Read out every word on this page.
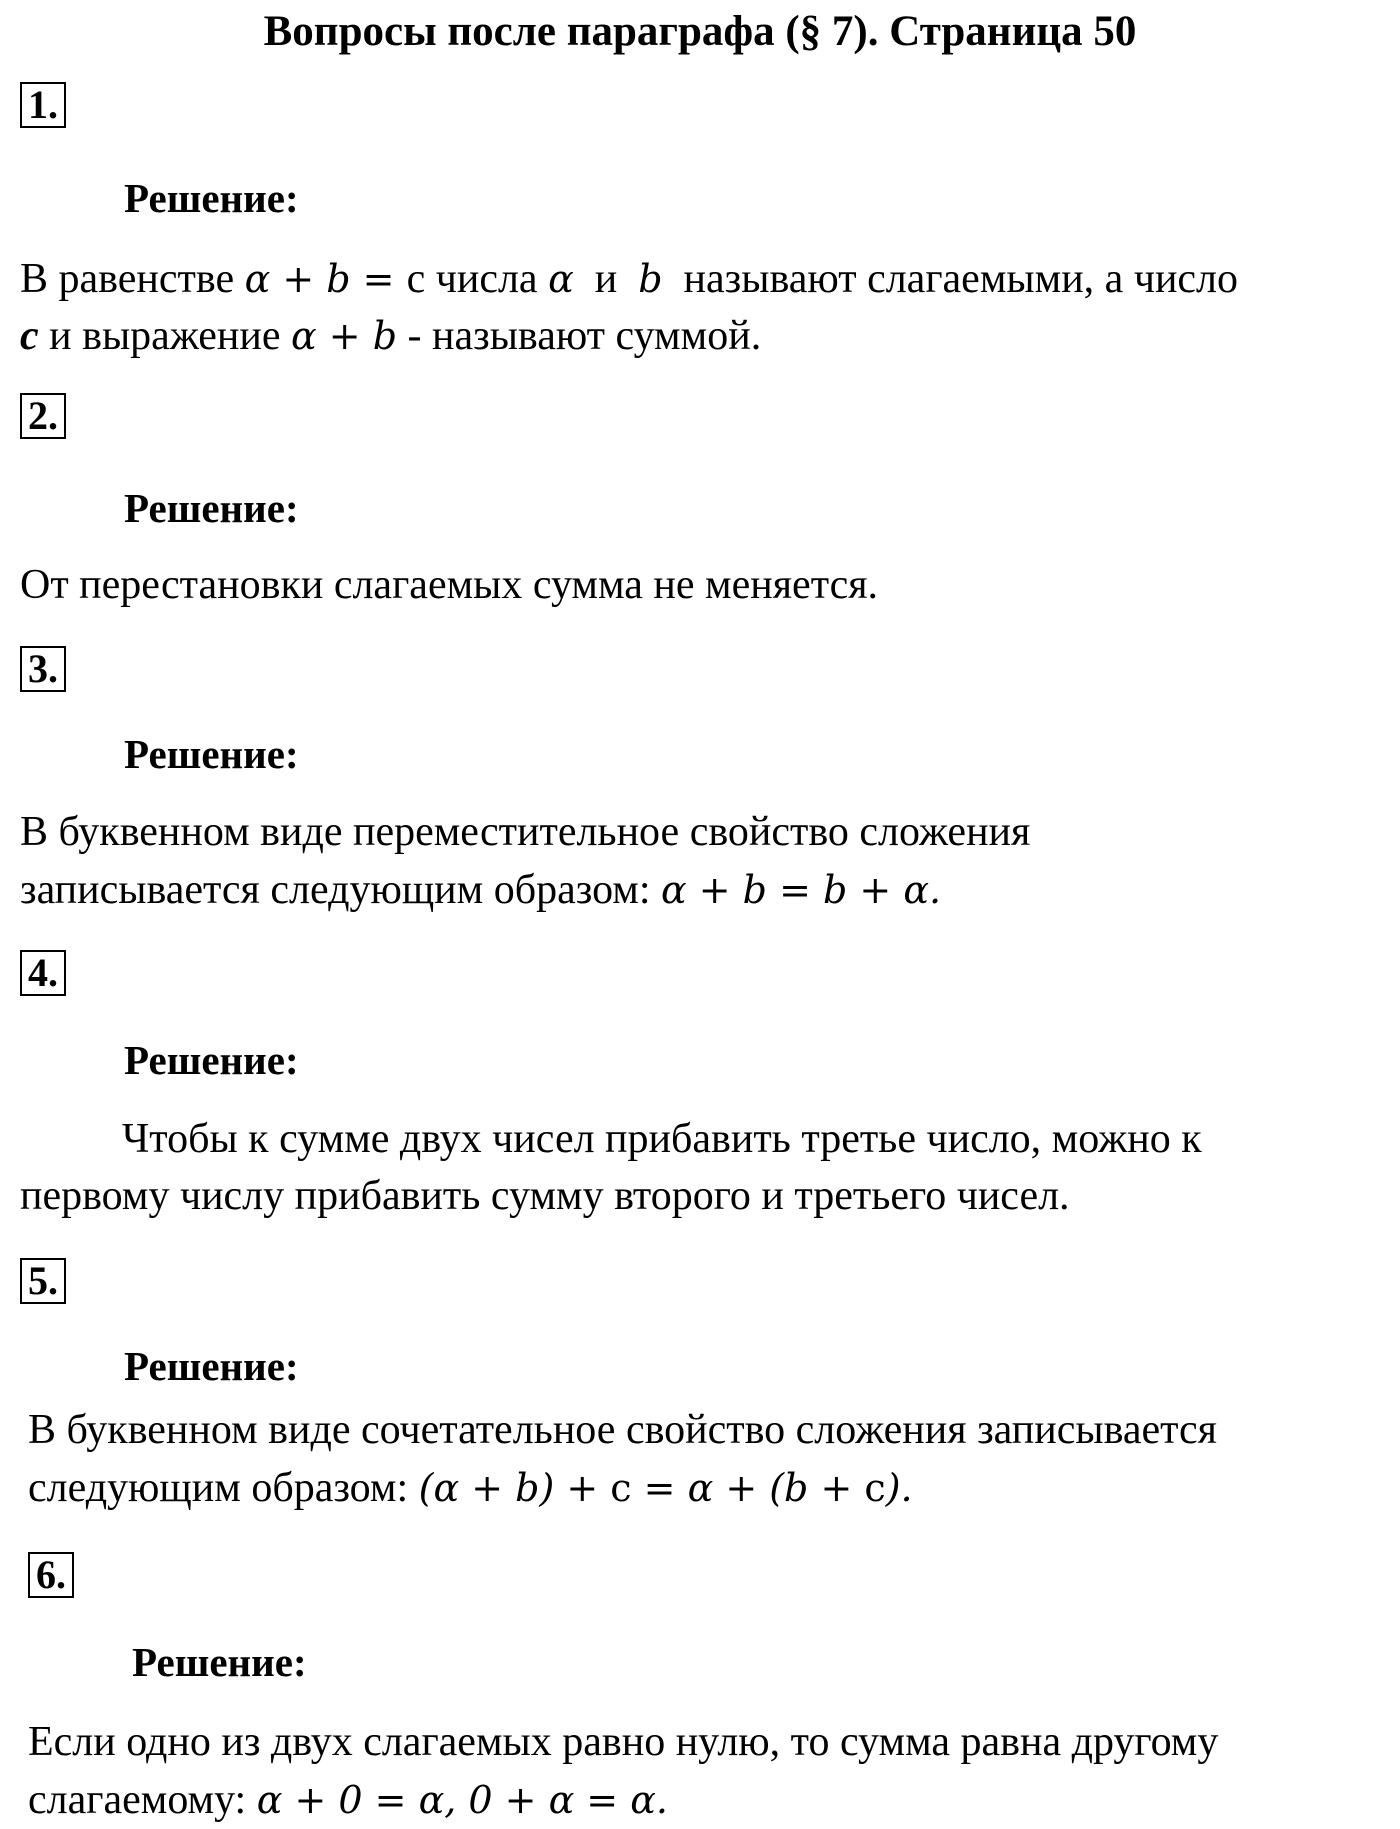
Вопросы после параграфа (§ 7). Страница 50
1.
Решение:
В равенстве α + b = с числа α  и  b  называют слагаемыми, а число
c и выражение α + b - называют суммой.
2.
Решение:
От перестановки слагаемых сумма не меняется.
3.
Решение:
В буквенном виде переместительное свойство сложения
записывается следующим образом: α + b = b + α.
4.
Решение:
Чтобы к сумме двух чисел прибавить третье число, можно к
первому числу прибавить сумму второго и третьего чисел.
5.
Решение:
В буквенном виде сочетательное свойство сложения записывается
следующим образом: (α + b) + c = α + (b + c).
6.
Решение:
Если одно из двух слагаемых равно нулю, то сумма равна другому
слагаемому: α + 0 = α, 0 + α = α.
